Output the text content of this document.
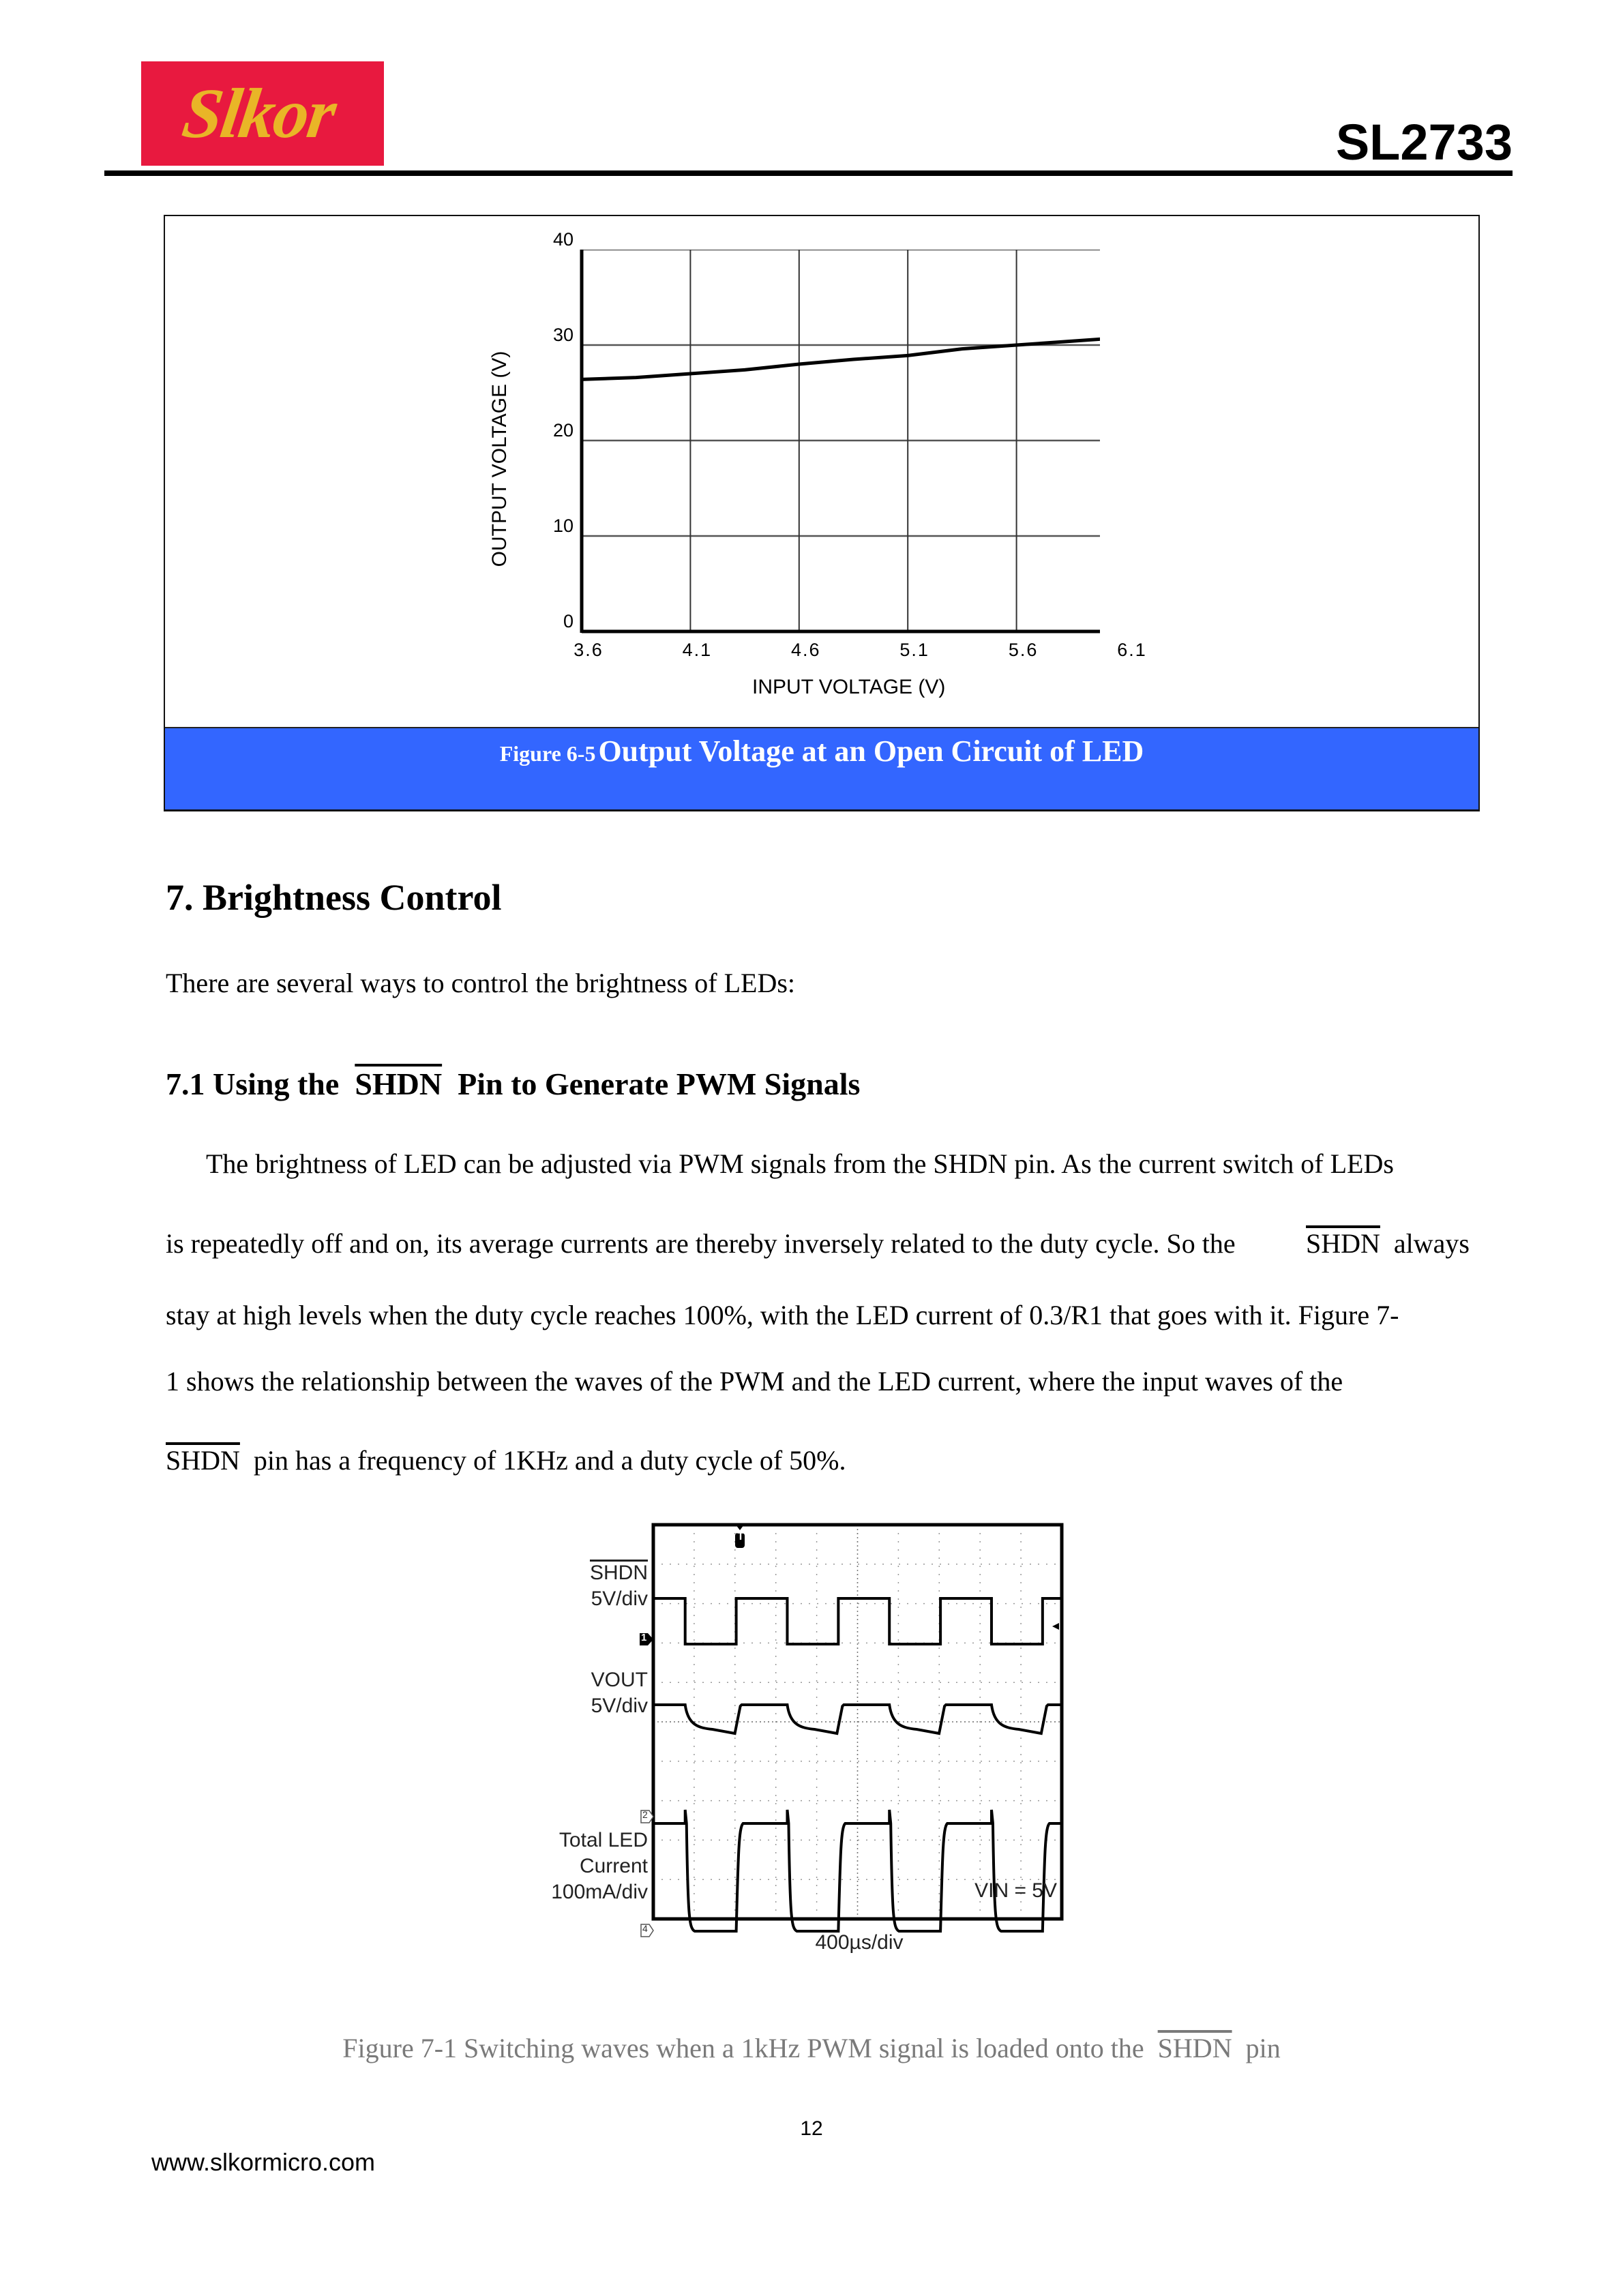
Slkor	SL2733
0
10
20
30
40
3.6	4.1	4.6	5.1	5.6	6.1
INPUT VOLTAGE (V)
OUTPUT VOLTAGE (V)
Figure 6-5 Output Voltage at an Open Circuit of LED
7. Brightness Control
There are several ways to control the brightness of LEDs:
7.1 Using the SHDN Pin to Generate PWM Signals
The brightness of LED can be adjusted via PWM signals from the SHDN pin. As the current switch of LEDs
is repeatedly off and on, its average currents are thereby inversely related to the duty cycle. So the	SHDN always
stay at high levels when the duty cycle reaches 100%, with the LED current of 0.3/R1 that goes with it. Figure 7-
1 shows the relationship between the waves of the PWM and the LED current, where the input waves of the
SHDN pin has a frequency of 1KHz and a duty cycle of 50%.
T
1
2
4
SHDN
5V/div
VOUT
5V/div
Total LED
Current
100mA/div	VIN = 5V
400µs/div
Figure 7-1 Switching waves when a 1kHz PWM signal is loaded onto the SHDN pin
12
www.slkormicro.com
